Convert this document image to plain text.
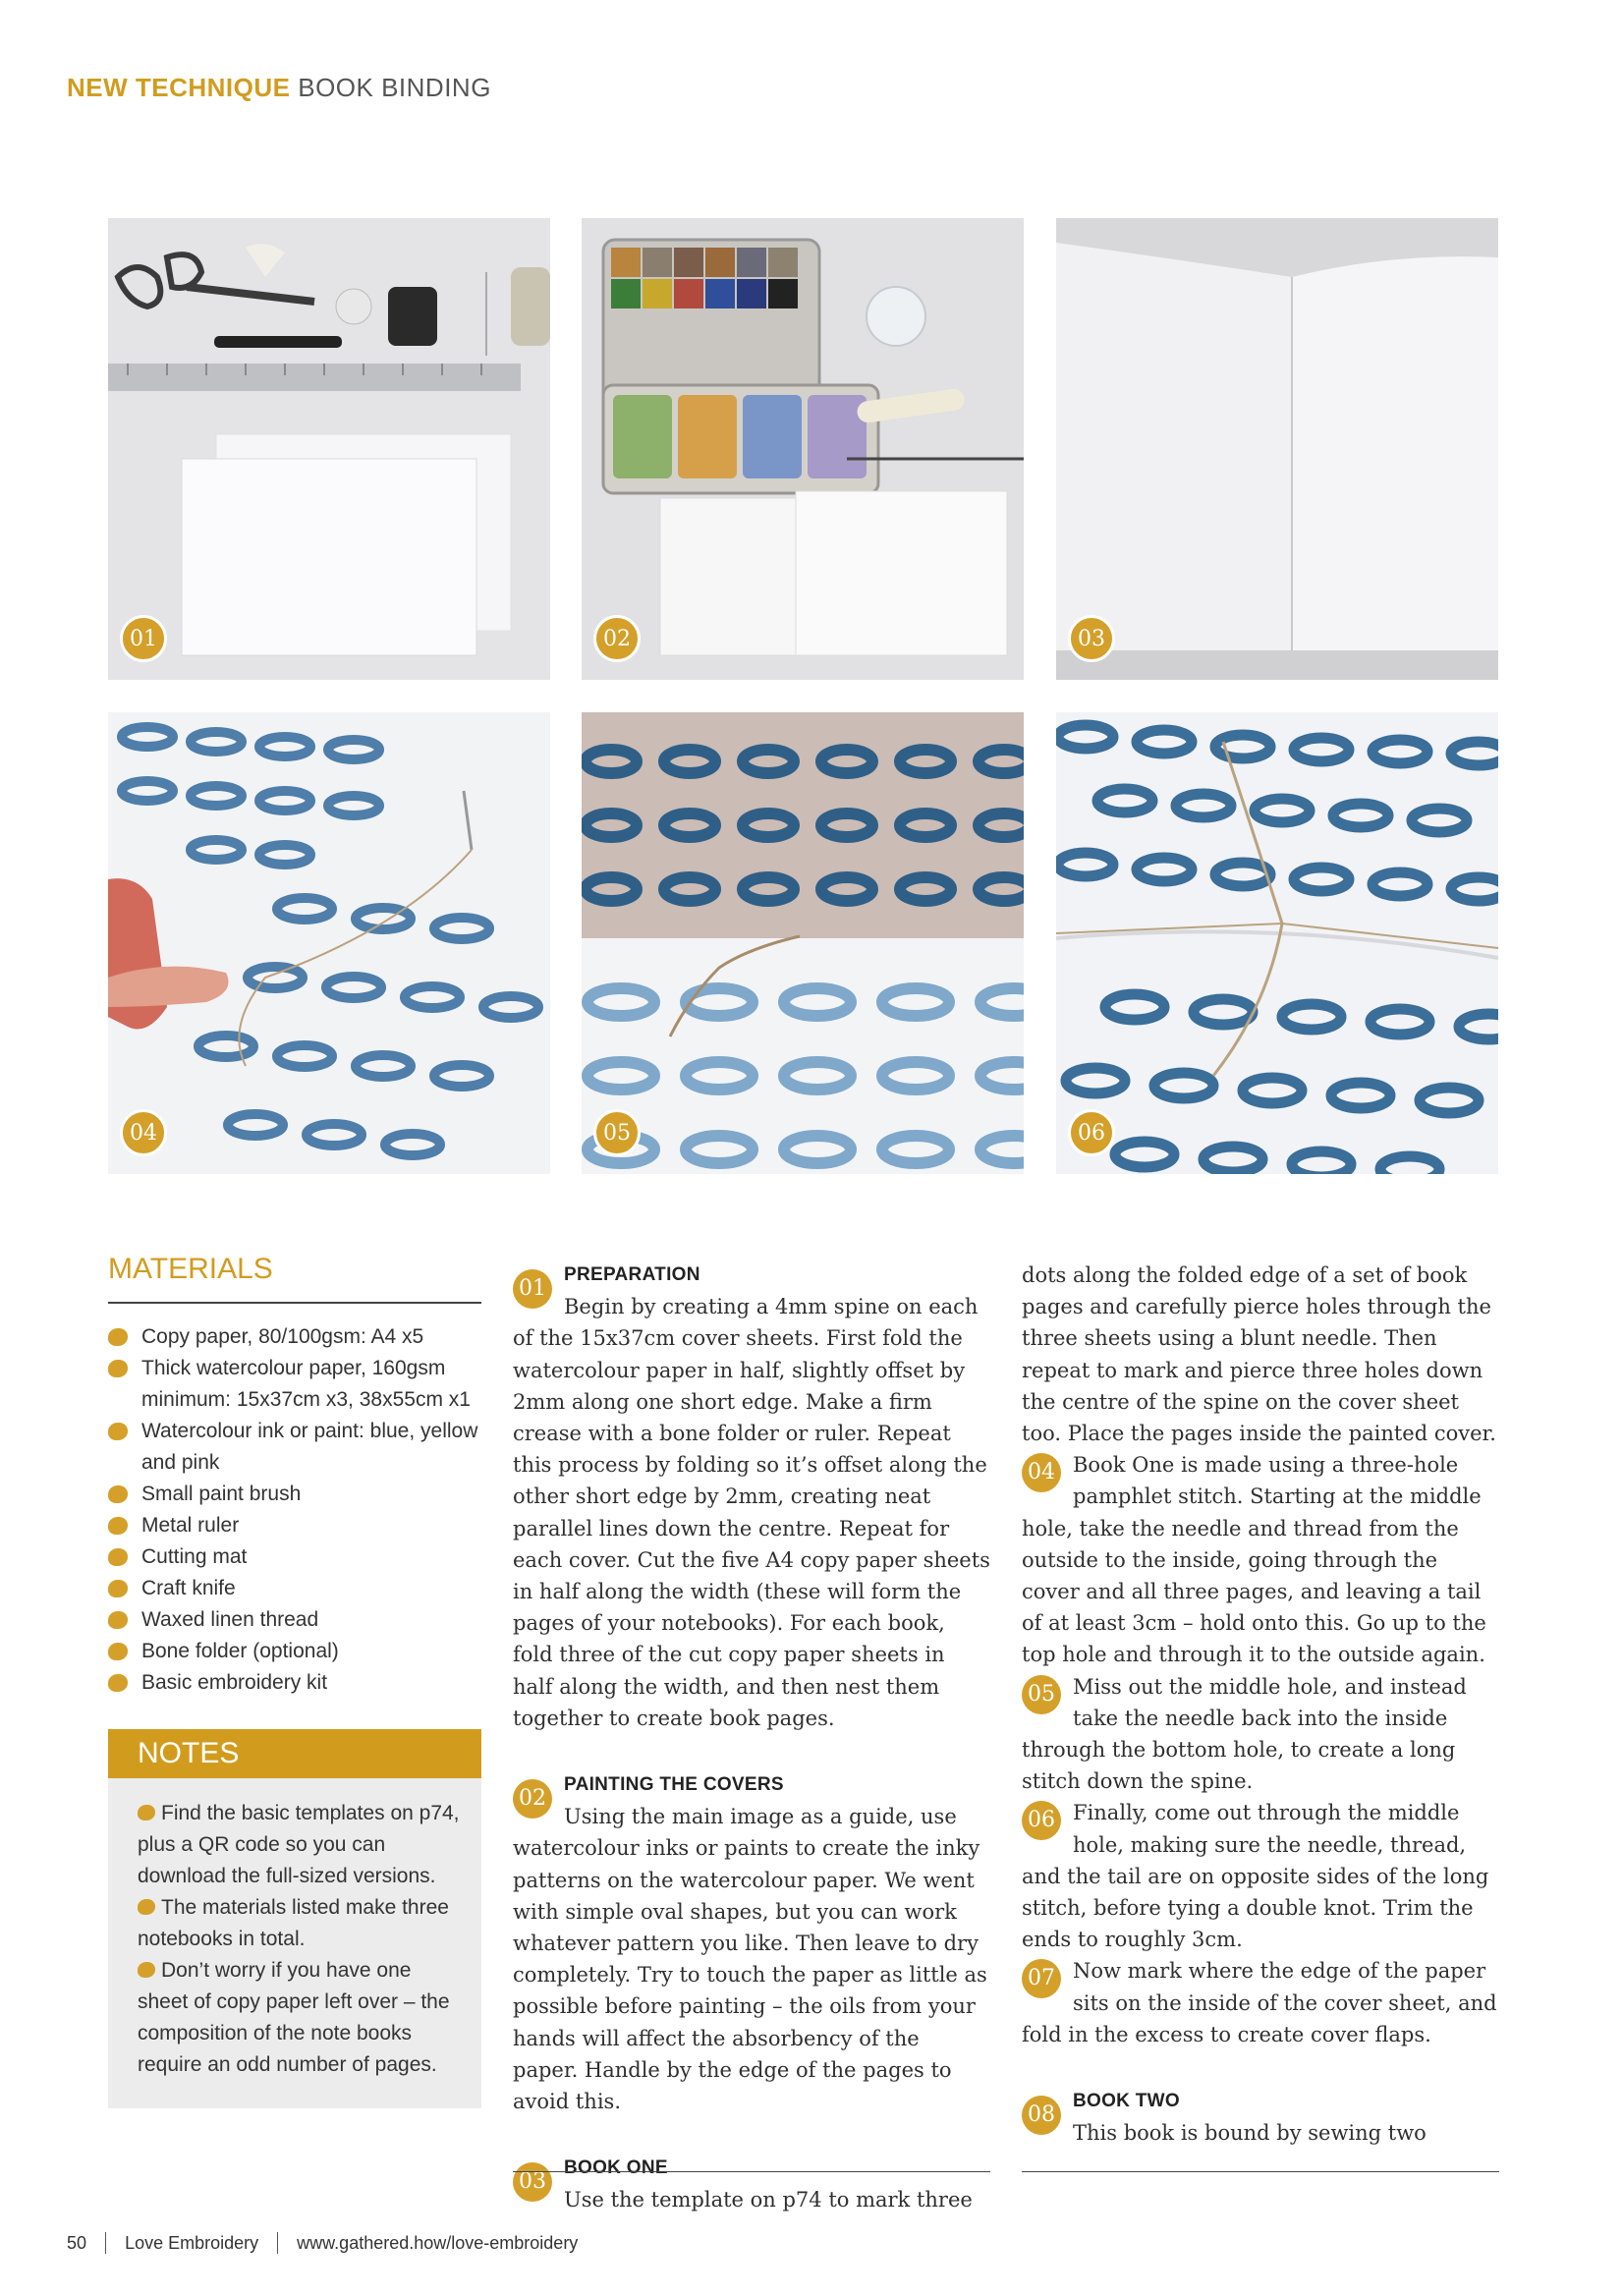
NEW TECHNIQUE BOOK BINDING
01	02	03
04	05	06
MATERIALS
Copy paper, 80/100gsm: A4 x5
Thick watercolour paper, 160gsm minimum: 15x37cm x3, 38x55cm x1
Watercolour ink or paint: blue, yellow and pink
Small paint brush
Metal ruler
Cutting mat
Craft knife
Waxed linen thread
Bone folder (optional)
Basic embroidery kit
NOTES
Find the basic templates on p74, plus a QR code so you can download the full-sized versions.
The materials listed make three notebooks in total.
Don’t worry if you have one sheet of copy paper left over – the composition of the note books require an odd number of pages.
01
PREPARATION

Begin by creating a 4mm spine on each of the 15x37cm cover sheets. First fold the watercolour paper in half, slightly offset by 2mm along one short edge. Make a firm crease with a bone folder or ruler. Repeat this process by folding so it’s offset along the other short edge by 2mm, creating neat parallel lines down the centre. Repeat for each cover. Cut the five A4 copy paper sheets in half along the width (these will form the pages of your notebooks). For each book, fold three of the cut copy paper sheets in half along the width, and then nest them together to create book pages.

02
PAINTING THE COVERS

Using the main image as a guide, use watercolour inks or paints to create the inky patterns on the watercolour paper. We went with simple oval shapes, but you can work whatever pattern you like. Then leave to dry completely. Try to touch the paper as little as possible before painting – the oils from your hands will affect the absorbency of the paper. Handle by the edge of the pages to avoid this.

03
BOOK ONE

Use the template on p74 to mark three

dots along the folded edge of a set of book pages and carefully pierce holes through the three sheets using a blunt needle. Then repeat to mark and pierce three holes down the centre of the spine on the cover sheet too. Place the pages inside the painted cover.

04 Book One is made using a three-hole pamphlet stitch. Starting at the middle hole, take the needle and thread from the outside to the inside, going through the cover and all three pages, and leaving a tail of at least 3cm – hold onto this. Go up to the top hole and through it to the outside again.

05 Miss out the middle hole, and instead take the needle back into the inside through the bottom hole, to create a long stitch down the spine.

06 Finally, come out through the middle hole, making sure the needle, thread, and the tail are on opposite sides of the long stitch, before tying a double knot. Trim the ends to roughly 3cm.

07 Now mark where the edge of the paper sits on the inside of the cover sheet, and fold in the excess to create cover flaps.

08
BOOK TWO

This book is bound by sewing two

50 Love Embroidery www.gathered.how/love-embroidery
